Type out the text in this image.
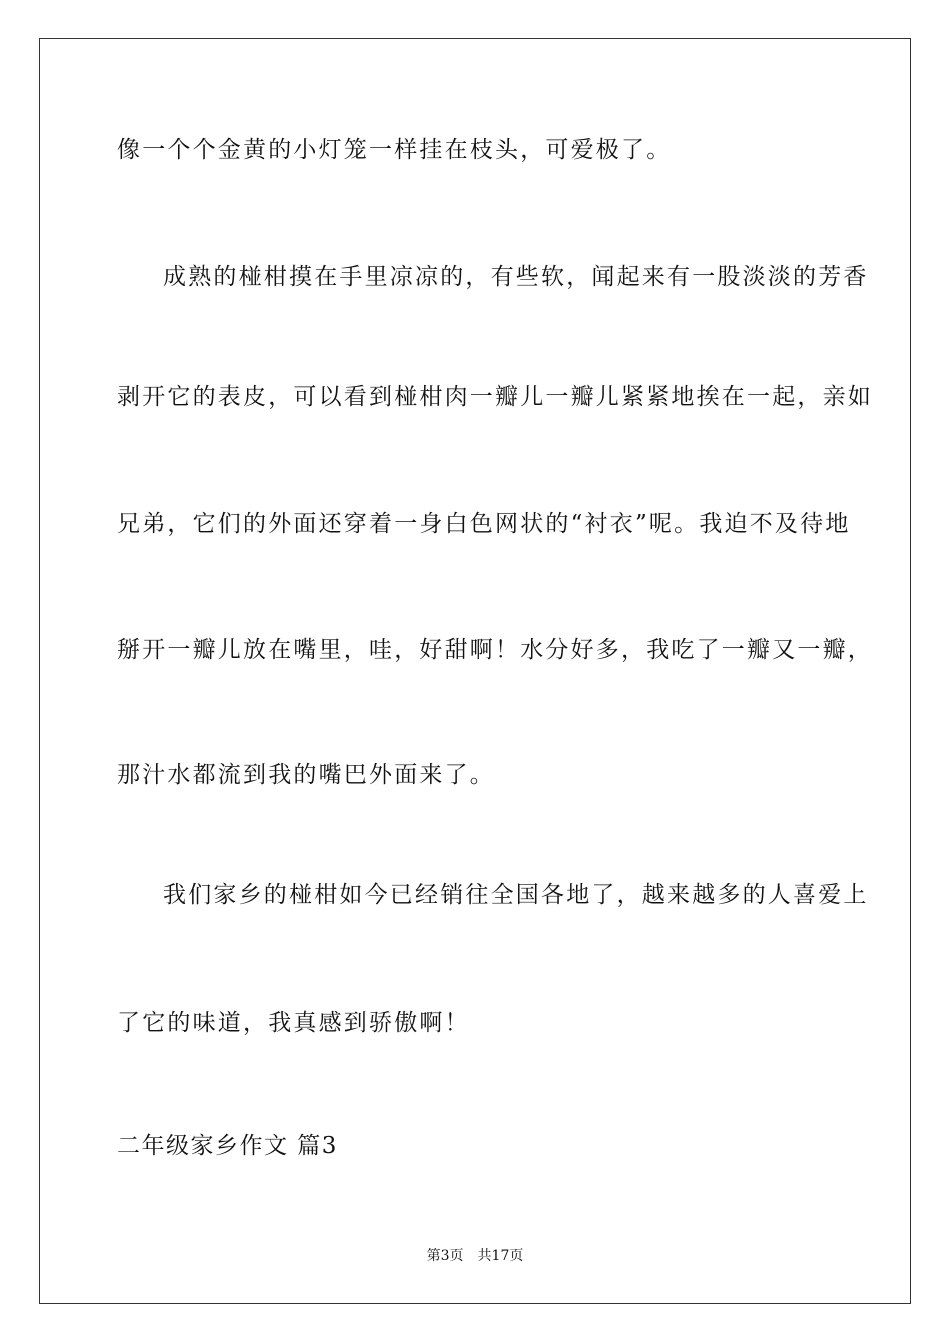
像一个个金黄的小灯笼一样挂在枝头，可爱极了。
成熟的椪柑摸在手里凉凉的，有些软，闻起来有一股淡淡的芳香
剥开它的表皮，可以看到椪柑肉一瓣儿一瓣儿紧紧地挨在一起，亲如
兄弟，它们的外面还穿着一身白色网状的“衬衣”呢。我迫不及待地
掰开一瓣儿放在嘴里，哇，好甜啊！水分好多，我吃了一瓣又一瓣，
那汁水都流到我的嘴巴外面来了。
我们家乡的椪柑如今已经销往全国各地了，越来越多的人喜爱上
了它的味道，我真感到骄傲啊！
二年级家乡作文 篇3
第3页　共17页
